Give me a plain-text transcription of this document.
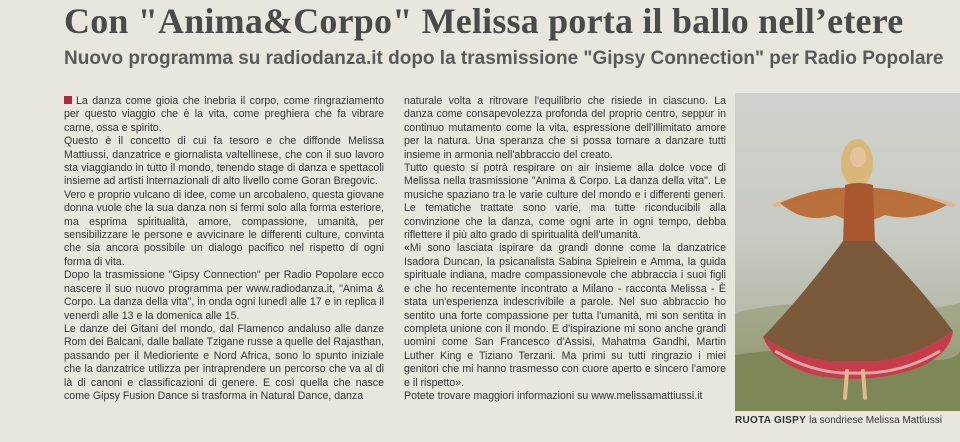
Con "Anima&Corpo" Melissa porta il ballo nell’etere
Nuovo programma su radiodanza.it dopo la trasmissione "Gipsy Connection" per Radio Popolare

La danza come gioia che inebria il corpo, come ringraziamento per questo viaggio che è la vita, come preghiera che fa vibrare carne, ossa e spirito.

Questo è il concetto di cui fa tesoro e che diffonde Melissa Mattiussi, danzatrice e giornalista valtellinese, che con il suo lavoro sta viaggiando in tutto il mondo, tenendo stage di danza e spettacoli insieme ad artisti internazionali di alto livello come Goran Bregovic.

Vero e proprio vulcano di idee, come un arcobaleno, questa giovane donna vuole che la sua danza non si fermi solo alla forma esteriore, ma esprima spiritualità, amore, compassione, umanità, per sensibilizzare le persone e avvicinare le differenti culture, convinta che sia ancora possibile un dialogo pacifico nel rispetto di ogni forma di vita.

Dopo la trasmissione "Gipsy Connection" per Radio Popolare ecco nascere il suo nuovo programma per www.radiodanza.it, "Anima & Corpo. La danza della vita", in onda ogni lunedì alle 17 e in replica il venerdì alle 13 e la domenica alle 15.

Le danze dei Gitani del mondo, dal Flamenco andaluso alle danze Rom dei Balcani, dalle ballate Tzigane russe a quelle del Rajasthan, passando per il Medioriente e Nord Africa, sono lo spunto iniziale che la danzatrice utilizza per intraprendere un percorso che va al di là di canoni e classificazioni di genere. E così quella che nasce come Gipsy Fusion Dance si trasforma in Natural Dance, danza

naturale volta a ritrovare l'equilibrio che risiede in ciascuno. La danza come consapevolezza profonda del proprio centro, seppur in continuo mutamento come la vita, espressione dell'illimitato amore per la natura. Una speranza che si possa tornare a danzare tutti insieme in armonia nell'abbraccio del creato.

Tutto questo si potrà respirare on air insieme alla dolce voce di Melissa nella trasmissione "Anima & Corpo. La danza della vita". Le musiche spaziano tra le varie culture del mondo e i differenti generi. Le tematiche trattate sono varie, ma tutte riconducibili alla convinzione che la danza, come ogni arte in ogni tempo, debba riflettere il più alto grado di spiritualità dell'umanità.

«Mi sono lasciata ispirare da grandi donne come la danzatrice Isadora Duncan, la psicanalista Sabina Spielrein e Amma, la guida spirituale indiana, madre compassionevole che abbraccia i suoi figli e che ho recentemente incontrato a Milano - racconta Melissa - È stata un'esperienza indescrivibile a parole. Nel suo abbraccio ho sentito una forte compassione per tutta l'umanità, mi son sentita in completa unione con il mondo. E d'ispirazione mi sono anche grandi uomini come San Francesco d'Assisi, Mahatma Gandhi, Martin Luther King e Tiziano Terzani. Ma primi su tutti ringrazio i miei genitori che mi hanno trasmesso con cuore aperto e sincero l'amore e il rispetto».

Potete trovare maggiori informazioni su www.melissamattiussi.it

RUOTA GISPY la sondriese Melissa Mattiussi
